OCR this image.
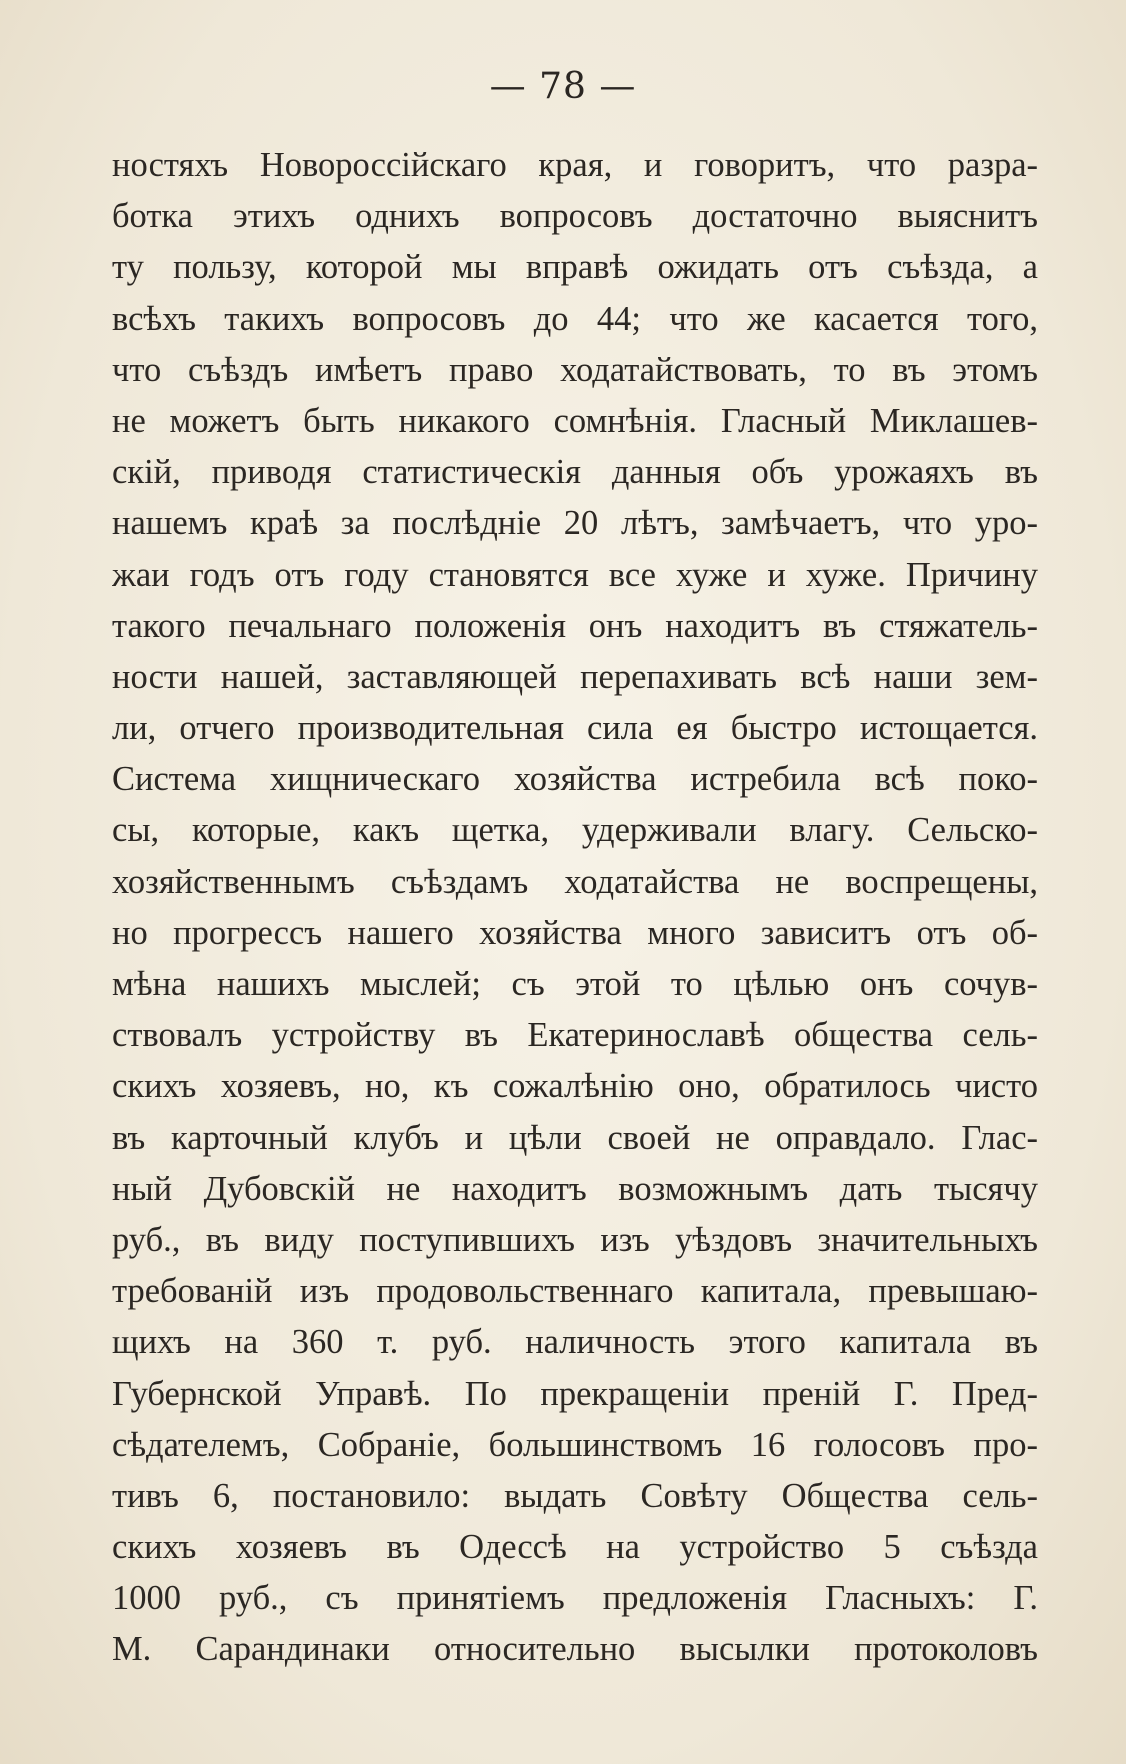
— 78 —
ностяхъ Новороссійскаго края, и говоритъ, что разра-
ботка этихъ однихъ вопросовъ достаточно выяснитъ
ту пользу, которой мы вправѣ ожидать отъ съѣзда, а
всѣхъ такихъ вопросовъ до 44; что же касается того,
что съѣздъ имѣетъ право ходатайствовать, то въ этомъ
не можетъ быть никакого сомнѣнія. Гласный Миклашев-
скій, приводя статистическія данныя объ урожаяхъ въ
нашемъ краѣ за послѣдніе 20 лѣтъ, замѣчаетъ, что уро-
жаи годъ отъ году становятся все хуже и хуже. Причину
такого печальнаго положенія онъ находитъ въ стяжатель-
ности нашей, заставляющей перепахивать всѣ наши зем-
ли, отчего производительная сила ея быстро истощается.
Система хищническаго хозяйства истребила всѣ поко-
сы, которые, какъ щетка, удерживали влагу. Сельско-
хозяйственнымъ съѣздамъ ходатайства не воспрещены,
но прогрессъ нашего хозяйства много зависитъ отъ об-
мѣна нашихъ мыслей; съ этой то цѣлью онъ сочув-
ствовалъ устройству въ Екатеринославѣ общества сель-
скихъ хозяевъ, но, къ сожалѣнію оно, обратилось чисто
въ карточный клубъ и цѣли своей не оправдало. Глас-
ный Дубовскій не находитъ возможнымъ дать тысячу
руб., въ виду поступившихъ изъ уѣздовъ значительныхъ
требованій изъ продовольственнаго капитала, превышаю-
щихъ на 360 т. руб. наличность этого капитала въ
Губернской Управѣ. По прекращеніи преній Г. Пред-
сѣдателемъ, Собраніе, большинствомъ 16 голосовъ про-
тивъ 6, постановило: выдать Совѣту Общества сель-
скихъ хозяевъ въ Одессѣ на устройство 5 съѣзда
1000 руб., съ принятіемъ предложенія Гласныхъ: Г.
М. Сарандинаки относительно высылки протоколовъ
